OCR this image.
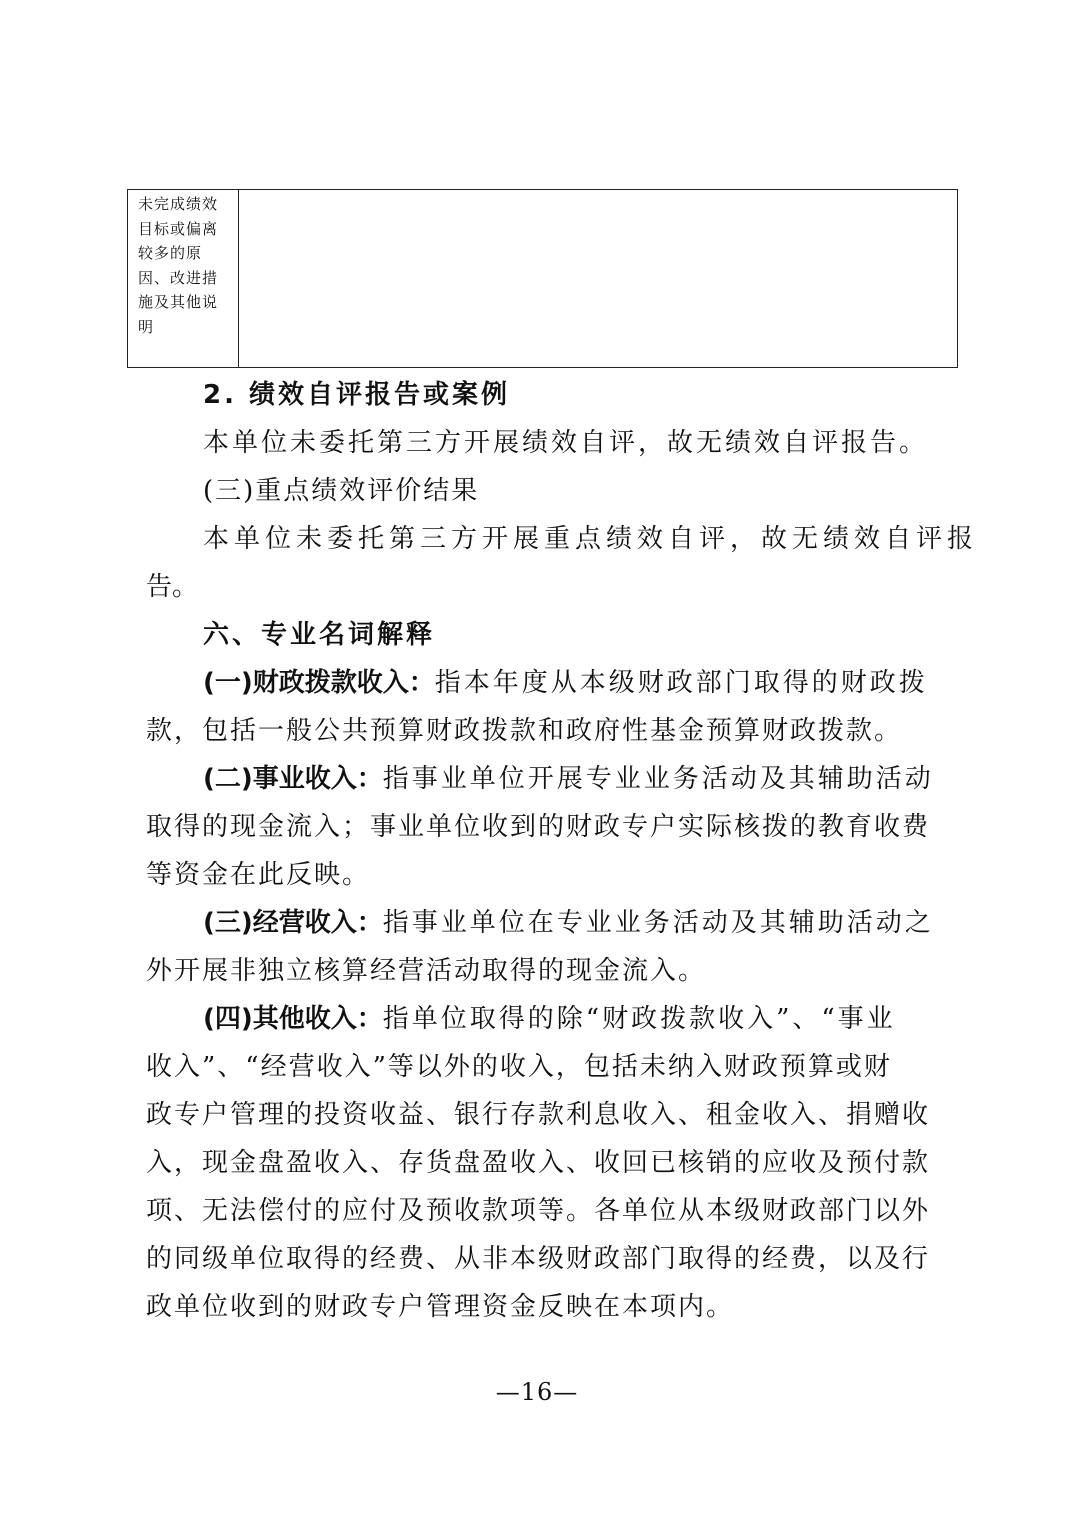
未完成绩效目标或偏离较多的原因、改进措施及其他说明	
2. 绩效自评报告或案例
本单位未委托第三方开展绩效自评，故无绩效自评报告。
(三)重点绩效评价结果
本单位未委托第三方开展重点绩效自评，故无绩效自评报
告。
六、专业名词解释
(一)财政拨款收入：指本年度从本级财政部门取得的财政拨
款，包括一般公共预算财政拨款和政府性基金预算财政拨款。
(二)事业收入：指事业单位开展专业业务活动及其辅助活动
取得的现金流入；事业单位收到的财政专户实际核拨的教育收费
等资金在此反映。
(三)经营收入：指事业单位在专业业务活动及其辅助活动之
外开展非独立核算经营活动取得的现金流入。
(四)其他收入：指单位取得的除“财政拨款收入”、“事业
收入”、“经营收入”等以外的收入，包括未纳入财政预算或财
政专户管理的投资收益、银行存款利息收入、租金收入、捐赠收
入，现金盘盈收入、存货盘盈收入、收回已核销的应收及预付款
项、无法偿付的应付及预收款项等。各单位从本级财政部门以外
的同级单位取得的经费、从非本级财政部门取得的经费，以及行
政单位收到的财政专户管理资金反映在本项内。
—16—
